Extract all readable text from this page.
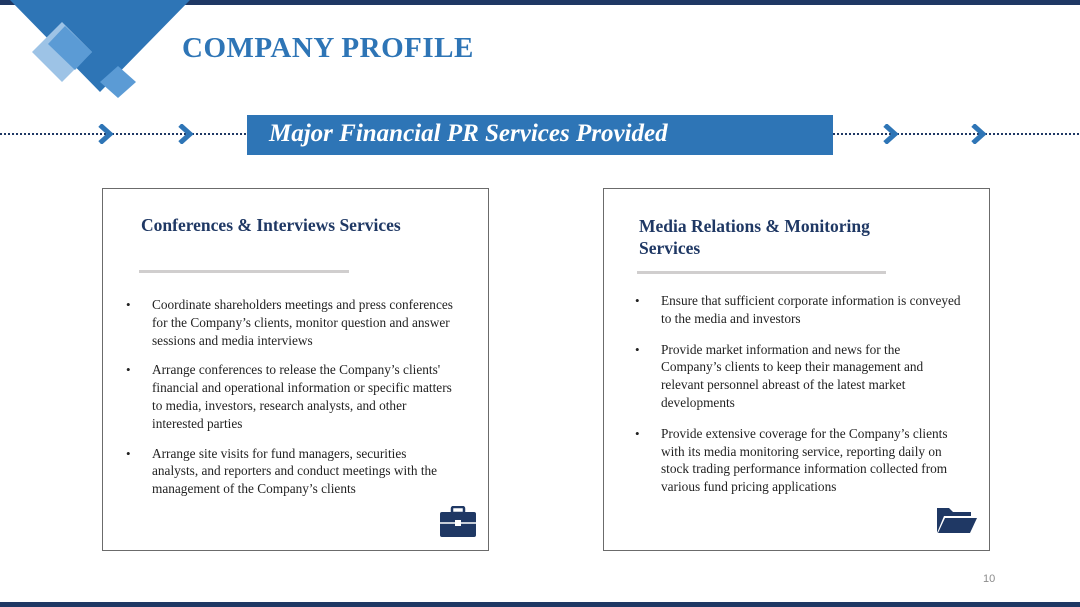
COMPANY PROFILE
Major Financial PR Services Provided
Conferences & Interviews Services
• Coordinate shareholders meetings and press conferences for the Company’s clients, monitor question and answer sessions and media interviews
• Arrange conferences to release the Company’s clients' financial and operational information or specific matters to media, investors, research analysts, and other interested parties
• Arrange site visits for fund managers, securities analysts, and reporters and conduct meetings with the management of the Company’s clients
Media Relations & Monitoring Services
• Ensure that sufficient corporate information is conveyed to the media and investors
• Provide market information and news for the Company’s clients to keep their management and relevant personnel abreast of the latest market developments
• Provide extensive coverage for the Company’s clients with its media monitoring service, reporting daily on stock trading performance information collected from various fund pricing applications
10
